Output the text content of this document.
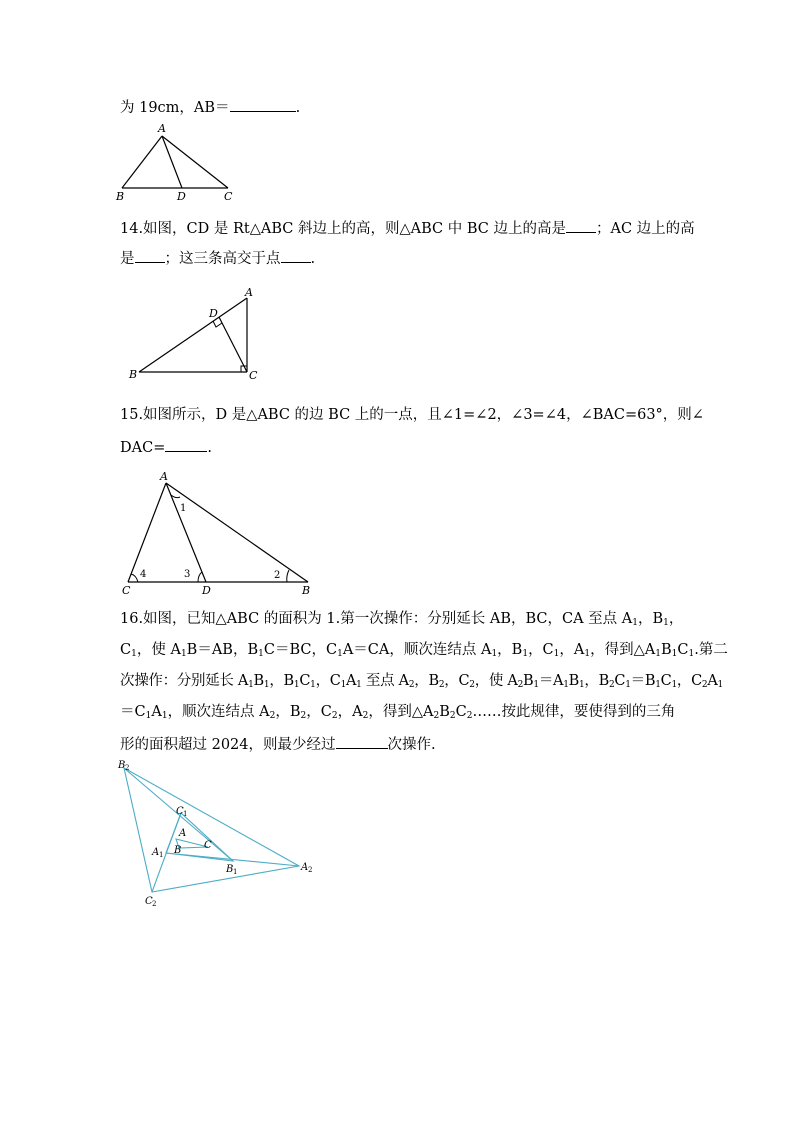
为 19cm，AB＝	.
A
B	D	C
14.如图，CD 是 Rt△ABC 斜边上的高，则△ABC 中 BC 边上的高是 ；AC 边上的高
是 ；这三条高交于点 .
A
D
B	C
15.如图所示，D 是△ABC 的边 BC 上的一点，且∠1=∠2，∠3=∠4，∠BAC=63°，则∠
DAC=	.
A
C	D	B
1
2
3
4
16.如图，已知△ABC 的面积为 1.第一次操作：分别延长 AB，BC，CA 至点 $A_1$，$B_1$，
$C_1$，使 $A_1B=AB$，$B_1C=BC$，$C_1A=CA$，顺次连结点 $A_1$，$B_1$，$C_1$，$A_1$，得到$\triangle A_1B_1C_1$.第二
次操作：分别延长 $A_1B_1$，$B_1C_1$，$C_1A_1$ 至点 $A_2$，$B_2$，$C_2$，使 $A_2B_1=A_1B_1$，$B_2C_1=B_1C_1$，$C_2A_1$
$=C_1A_1$，顺次连结点 $A_2$，$B_2$，$C_2$，$A_2$，得到$\triangle A_2B_2C_2\dots\dots$按此规律，要使得到的三角
形的面积超过 2024，则最少经过	次操作.
B 2
C 1
A
B C
A 1
B 1	A 2
C 2
